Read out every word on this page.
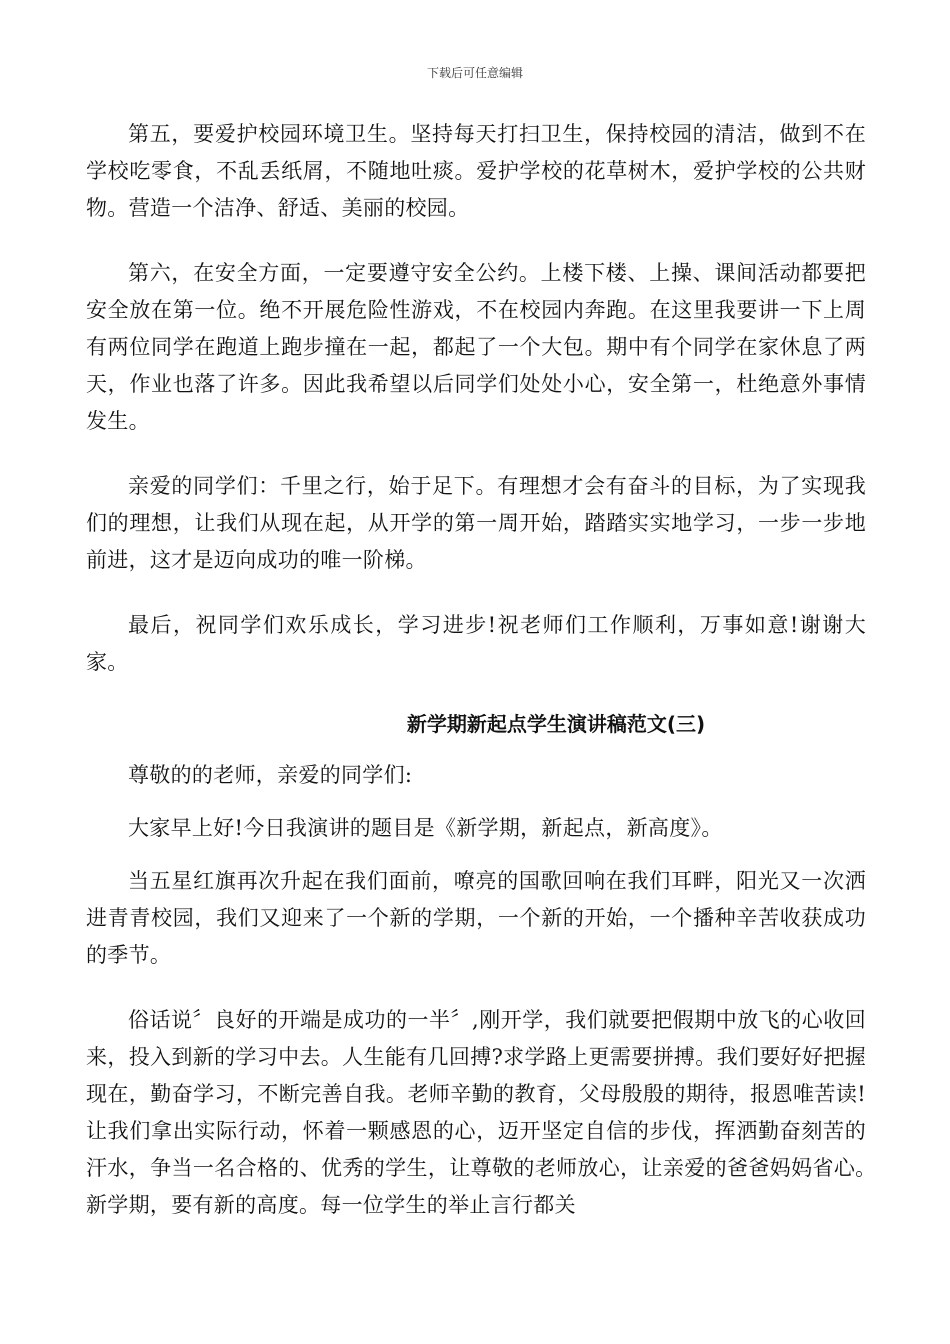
下载后可任意编辑

第五，要爱护校园环境卫生。坚持每天打扫卫生，保持校园的清洁，做到不在学校吃零食，不乱丢纸屑，不随地吐痰。爱护学校的花草树木，爱护学校的公共财物。营造一个洁净、舒适、美丽的校园。

第六，在安全方面，一定要遵守安全公约。上楼下楼、上操、课间活动都要把安全放在第一位。绝不开展危险性游戏，不在校园内奔跑。在这里我要讲一下上周有两位同学在跑道上跑步撞在一起，都起了一个大包。期中有个同学在家休息了两天，作业也落了许多。因此我希望以后同学们处处小心，安全第一，杜绝意外事情发生。

亲爱的同学们：千里之行，始于足下。有理想才会有奋斗的目标，为了实现我们的理想，让我们从现在起，从开学的第一周开始，踏踏实实地学习，一步一步地前进，这才是迈向成功的唯一阶梯。

最后，祝同学们欢乐成长，学习进步!祝老师们工作顺利，万事如意!谢谢大家。

新学期新起点学生演讲稿范文(三)

尊敬的的老师，亲爱的同学们:

大家早上好!今日我演讲的题目是《新学期，新起点，新高度》。

当五星红旗再次升起在我们面前，嘹亮的国歌回响在我们耳畔，阳光又一次洒进青青校园，我们又迎来了一个新的学期，一个新的开始，一个播种辛苦收获成功的季节。

俗话说〞良好的开端是成功的一半〞,刚开学，我们就要把假期中放飞的心收回来，投入到新的学习中去。人生能有几回搏?求学路上更需要拼搏。我们要好好把握现在，勤奋学习，不断完善自我。老师辛勤的教育，父母殷殷的期待，报恩唯苦读!让我们拿出实际行动，怀着一颗感恩的心，迈开坚定自信的步伐，挥洒勤奋刻苦的汗水，争当一名合格的、优秀的学生，让尊敬的老师放心，让亲爱的爸爸妈妈省心。　新学期，要有新的高度。每一位学生的举止言行都关
